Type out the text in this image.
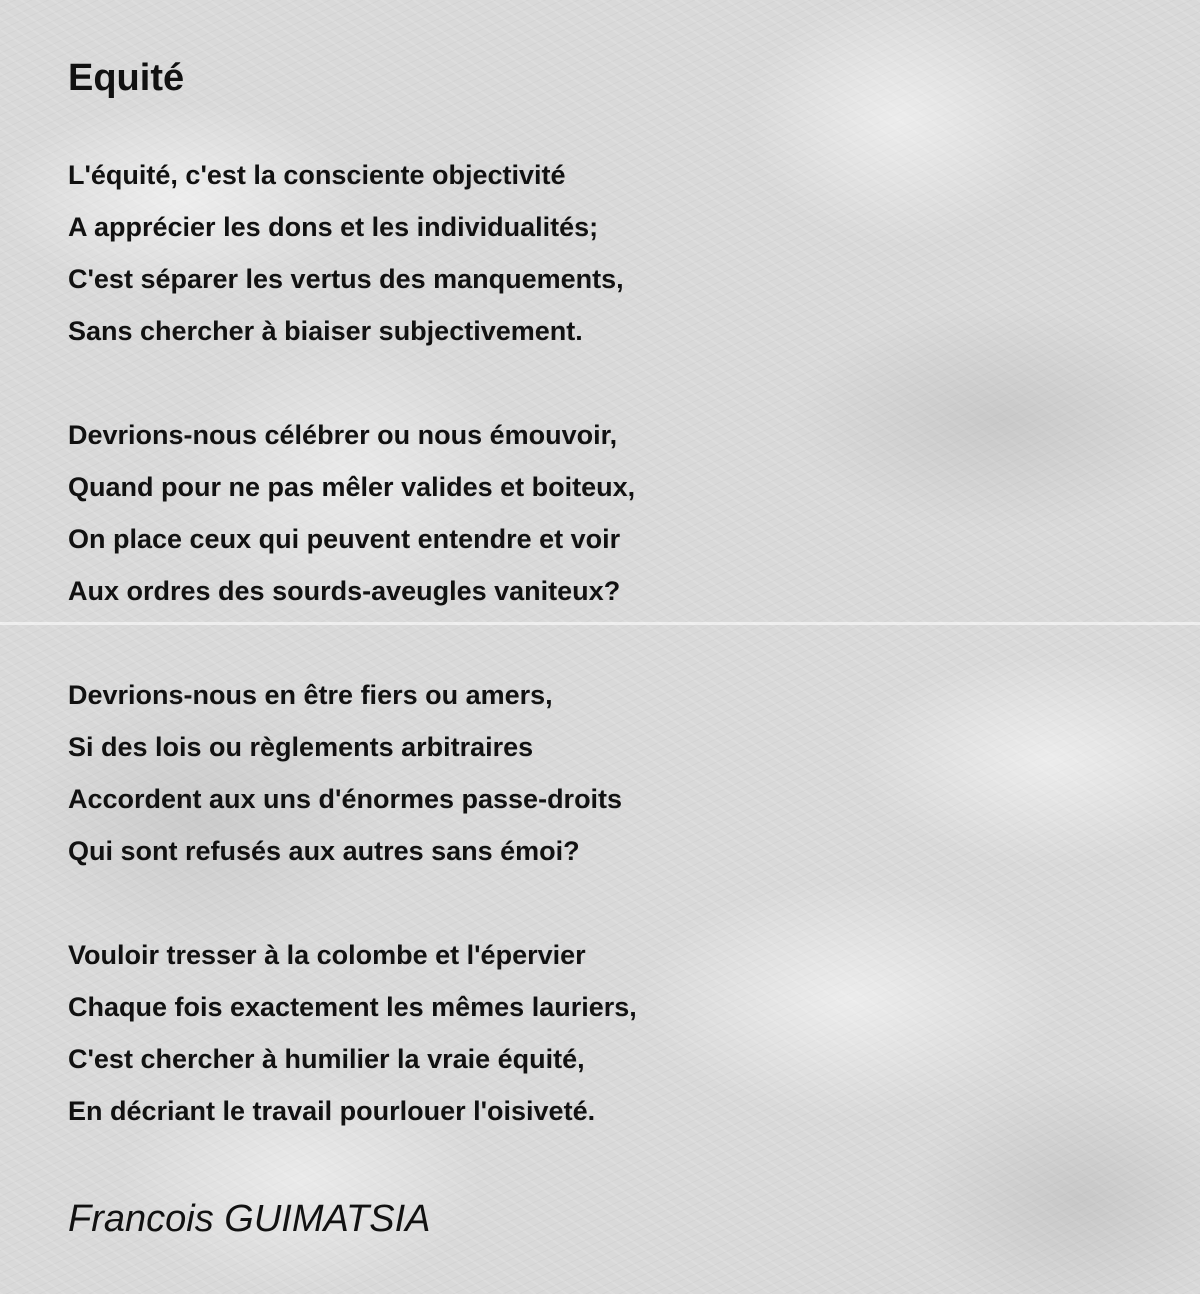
Equité
L'équité, c'est la consciente objectivité
A apprécier les dons et les individualités;
C'est séparer les vertus des manquements,
Sans chercher à biaiser subjectivement.
Devrions-nous célébrer ou nous émouvoir,
Quand pour ne pas mêler valides et boiteux,
On place ceux qui peuvent entendre et voir
Aux ordres des sourds-aveugles vaniteux?
Devrions-nous en être fiers ou amers,
Si des lois ou règlements arbitraires
Accordent aux uns d'énormes passe-droits
Qui sont refusés aux autres sans émoi?
Vouloir tresser à la colombe et l'épervier
Chaque fois exactement les mêmes lauriers,
C'est chercher à humilier la vraie équité,
En décriant le travail pourlouer l'oisiveté.

Francois GUIMATSIA
